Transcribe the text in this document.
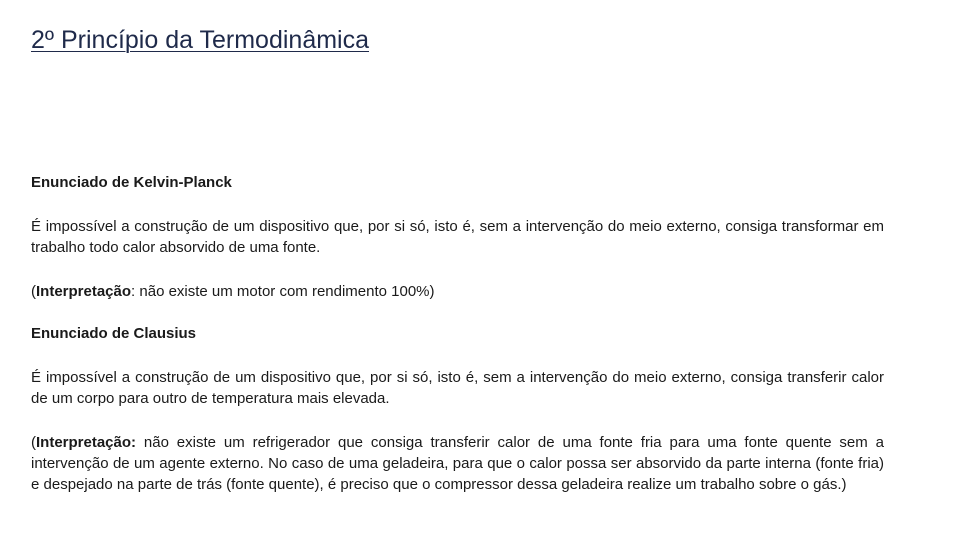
2º Princípio da Termodinâmica
Enunciado de Kelvin-Planck
É impossível a construção de um dispositivo que, por si só, isto é, sem a intervenção do meio externo, consiga transformar em trabalho todo calor absorvido de uma fonte.
(Interpretação: não existe um motor com rendimento 100%)
Enunciado de Clausius
É impossível a construção de um dispositivo que, por si só, isto é, sem a intervenção do meio externo, consiga transferir calor de um corpo para outro de temperatura mais elevada.
(Interpretação: não existe um refrigerador que consiga transferir calor de uma fonte fria para uma fonte quente sem a intervenção de um agente externo. No caso de uma geladeira, para que o calor possa ser absorvido da parte interna (fonte fria) e despejado na parte de trás (fonte quente), é preciso que o compressor dessa geladeira realize um trabalho sobre o gás.)
